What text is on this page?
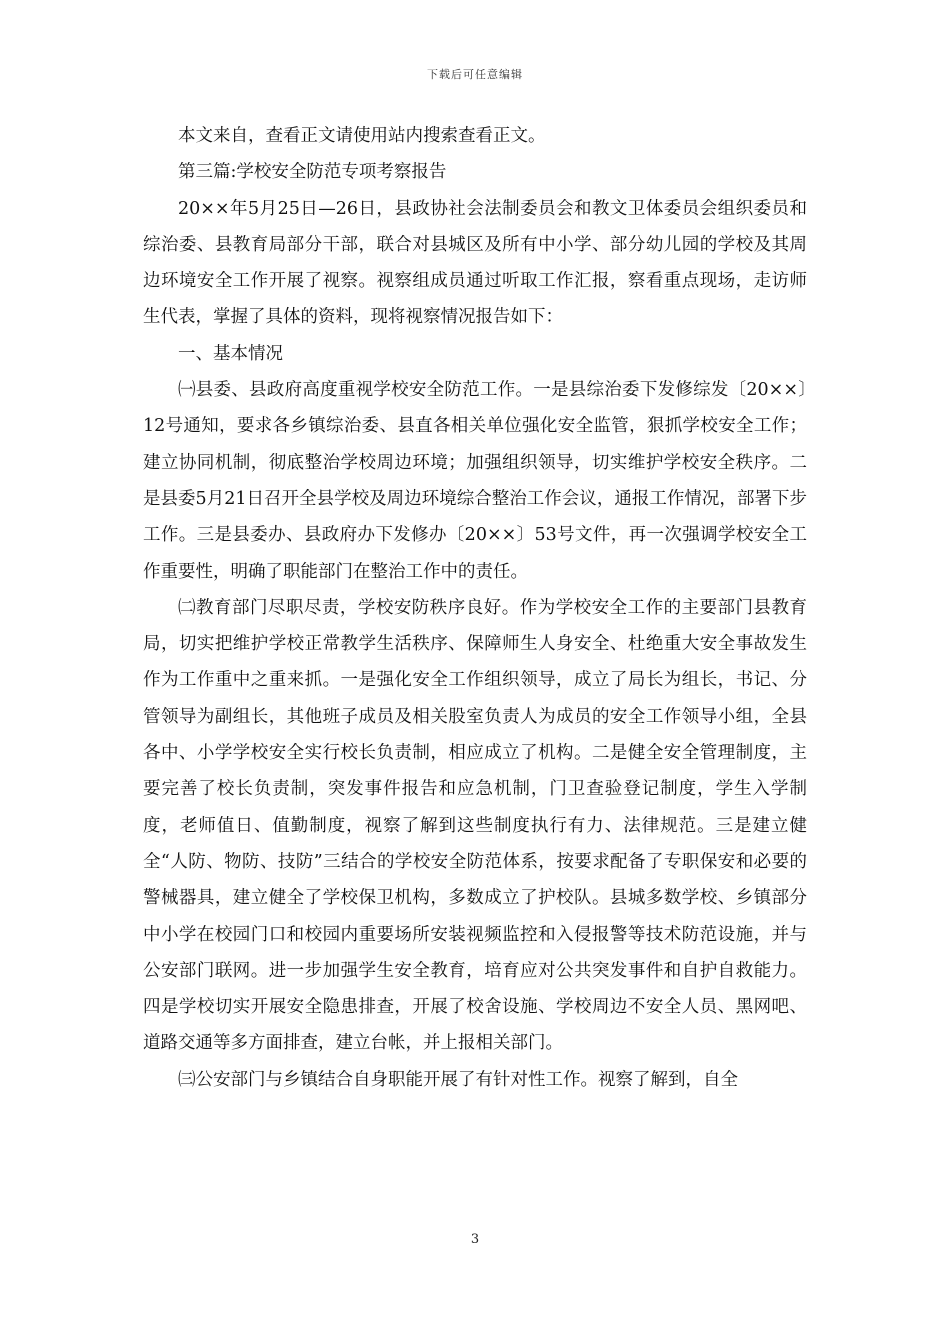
下载后可任意编辑

本文来自，查看正文请使用站内搜索查看正文。

第三篇:学校安全防范专项考察报告

20××年5月25日—26日，县政协社会法制委员会和教文卫体委员会组织委员和综治委、县教育局部分干部，联合对县城区及所有中小学、部分幼儿园的学校及其周边环境安全工作开展了视察。视察组成员通过听取工作汇报，察看重点现场，走访师生代表，掌握了具体的资料，现将视察情况报告如下：

一、基本情况

㈠县委、县政府高度重视学校安全防范工作。一是县综治委下发修综发〔20××〕12号通知，要求各乡镇综治委、县直各相关单位强化安全监管，狠抓学校安全工作；建立协同机制，彻底整治学校周边环境；加强组织领导，切实维护学校安全秩序。二是县委5月21日召开全县学校及周边环境综合整治工作会议，通报工作情况，部署下步工作。三是县委办、县政府办下发修办〔20××〕53号文件，再一次强调学校安全工作重要性，明确了职能部门在整治工作中的责任。

㈡教育部门尽职尽责，学校安防秩序良好。作为学校安全工作的主要部门县教育局，切实把维护学校正常教学生活秩序、保障师生人身安全、杜绝重大安全事故发生作为工作重中之重来抓。一是强化安全工作组织领导，成立了局长为组长，书记、分管领导为副组长，其他班子成员及相关股室负责人为成员的安全工作领导小组，全县各中、小学学校安全实行校长负责制，相应成立了机构。二是健全安全管理制度，主要完善了校长负责制，突发事件报告和应急机制，门卫查验登记制度，学生入学制度，老师值日、值勤制度，视察了解到这些制度执行有力、法律规范。三是建立健全“人防、物防、技防”三结合的学校安全防范体系，按要求配备了专职保安和必要的警械器具，建立健全了学校保卫机构，多数成立了护校队。县城多数学校、乡镇部分中小学在校园门口和校园内重要场所安装视频监控和入侵报警等技术防范设施，并与公安部门联网。进一步加强学生安全教育，培育应对公共突发事件和自护自救能力。四是学校切实开展安全隐患排查，开展了校舍设施、学校周边不安全人员、黑网吧、道路交通等多方面排查，建立台帐，并上报相关部门。

㈢公安部门与乡镇结合自身职能开展了有针对性工作。视察了解到，自全

3
